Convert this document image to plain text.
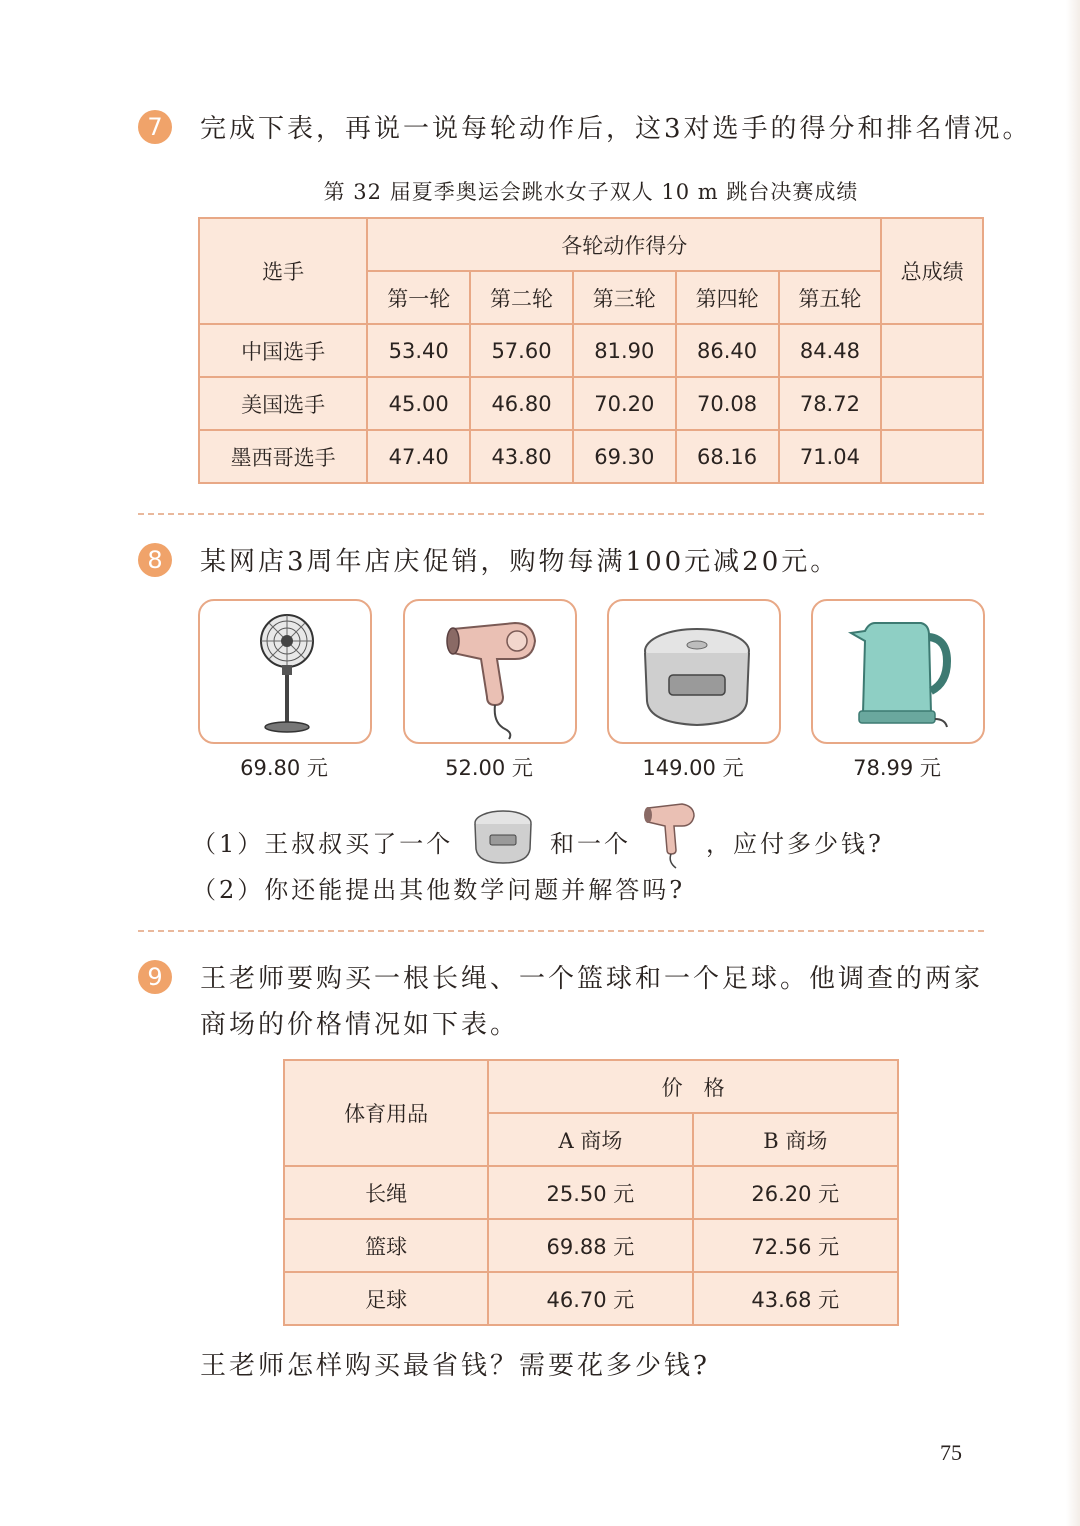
7	完成下表，再说一说每轮动作后，这3对选手的得分和排名情况。
第 32 届夏季奥运会跳水女子双人 10 m 跳台决赛成绩
选手	各轮动作得分					总成绩
	第一轮	第二轮	第三轮	第四轮	第五轮	
中国选手	53.40	57.60	81.90	86.40	84.48	
美国选手	45.00	46.80	70.20	70.08	78.72	
墨西哥选手	47.40	43.80	69.30	68.16	71.04	
8	某网店3周年店庆促销，购物每满100元减20元。
69.80 元	52.00 元	149.00 元	78.99 元
（1）王叔叔买了一个	和一个	，应付多少钱?
（2）你还能提出其他数学问题并解答吗?
9	王老师要购买一根长绳、一个篮球和一个足球。他调查的两家
商场的价格情况如下表。
体育用品	价　格	
	A 商场	B 商场
长绳	25.50 元	26.20 元
篮球	69.88 元	72.56 元
足球	46.70 元	43.68 元
王老师怎样购买最省钱？需要花多少钱?
75
